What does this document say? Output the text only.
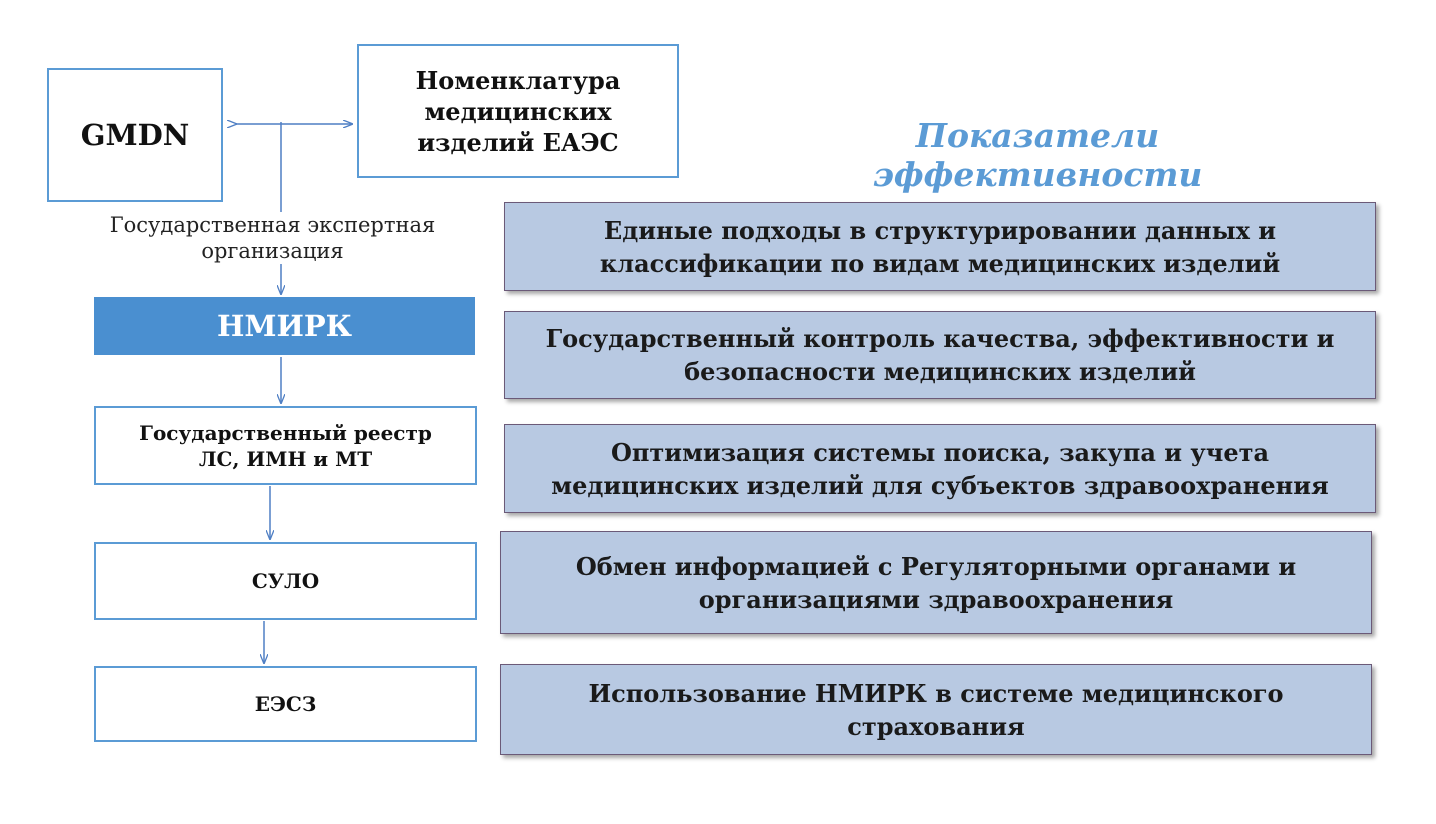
GMDN
Номенклатура медицинских изделий ЕАЭС
Государственная экспертная организация
НМИРК
Государственный реестр ЛС, ИМН и МТ
СУЛО
ЕЭСЗ
Показатели эффективности
Единые подходы в структурировании данных и классификации по видам медицинских изделий
Государственный контроль качества, эффективности и безопасности медицинских изделий
Оптимизация системы поиска, закупа и учета медицинских изделий для субъектов здравоохранения
Обмен информацией с Регуляторными органами и организациями здравоохранения
Использование НМИРК в системе медицинского страхования
